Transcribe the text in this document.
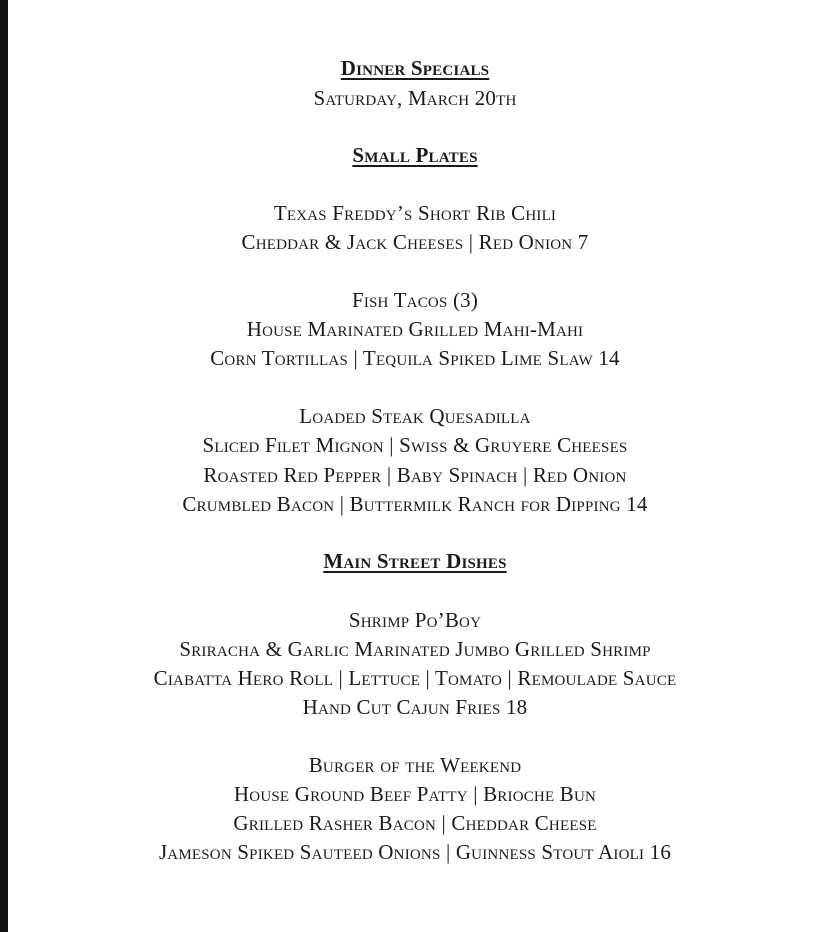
Dinner Specials
Saturday, March 20th
Small Plates
Texas Freddy’s Short Rib Chili
Cheddar & Jack Cheeses | Red Onion 7
Fish Tacos (3)
House Marinated Grilled Mahi-Mahi
Corn Tortillas | Tequila Spiked Lime Slaw 14
Loaded Steak Quesadilla
Sliced Filet Mignon | Swiss & Gruyere Cheeses
Roasted Red Pepper | Baby Spinach | Red Onion
Crumbled Bacon | Buttermilk Ranch for Dipping 14
Main Street Dishes
Shrimp Po’Boy
Sriracha & Garlic Marinated Jumbo Grilled Shrimp
Ciabatta Hero Roll | Lettuce | Tomato | Remoulade Sauce
Hand Cut Cajun Fries 18
Burger of the Weekend
House Ground Beef Patty | Brioche Bun
Grilled Rasher Bacon | Cheddar Cheese
Jameson Spiked Sauteed Onions | Guinness Stout Aioli 16
